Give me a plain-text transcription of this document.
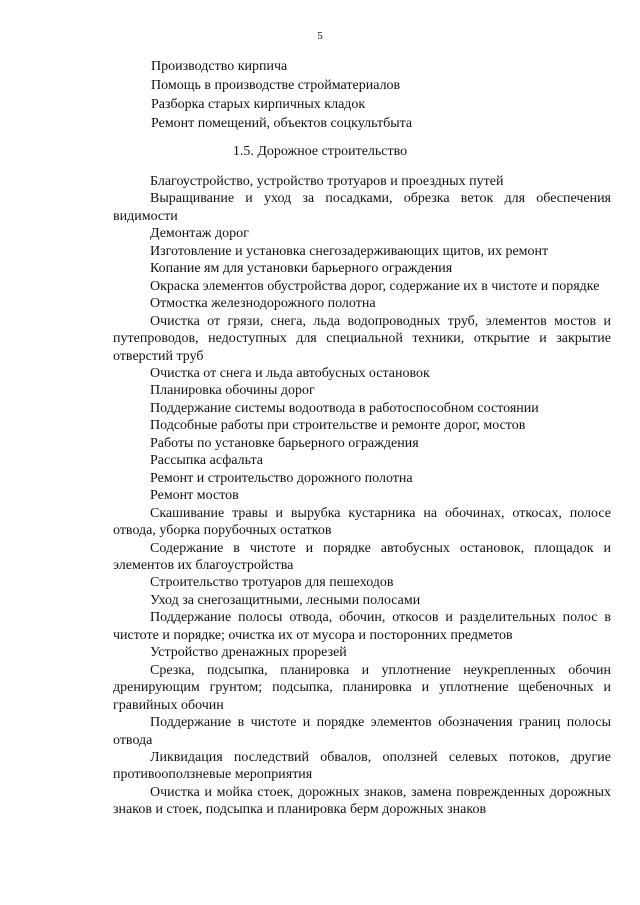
5
Производство кирпича
Помощь в производстве стройматериалов
Разборка старых кирпичных кладок
Ремонт помещений, объектов соцкультбыта
1.5. Дорожное строительство

Благоустройство, устройство тротуаров и проездных путей

Выращивание и уход за посадками, обрезка веток для обеспечения видимости

Демонтаж дорог

Изготовление и установка снегозадерживающих щитов, их ремонт

Копание ям для установки барьерного ограждения

Окраска элементов обустройства дорог, содержание их в чистоте и порядке

Отмостка железнодорожного полотна

Очистка от грязи, снега, льда водопроводных труб, элементов мостов и путепроводов, недоступных для специальной техники, открытие и закрытие отверстий труб

Очистка от снега и льда автобусных остановок

Планировка обочины дорог

Поддержание системы водоотвода в работоспособном состоянии

Подсобные работы при строительстве и ремонте дорог, мостов

Работы по установке барьерного ограждения

Рассыпка асфальта

Ремонт и строительство дорожного полотна

Ремонт мостов

Скашивание травы и вырубка кустарника на обочинах, откосах, полосе отвода, уборка порубочных остатков

Содержание в чистоте и порядке автобусных остановок, площадок и элементов их благоустройства

Строительство тротуаров для пешеходов

Уход за снегозащитными, лесными полосами

Поддержание полосы отвода, обочин, откосов и разделительных полос в чистоте и порядке; очистка их от мусора и посторонних предметов

Устройство дренажных прорезей

Срезка, подсыпка, планировка и уплотнение неукрепленных обочин дренирующим грунтом; подсыпка, планировка и уплотнение щебеночных и гравийных обочин

Поддержание в чистоте и порядке элементов обозначения границ полосы отвода

Ликвидация последствий обвалов, оползней селевых потоков, другие противооползневые мероприятия

Очистка и мойка стоек, дорожных знаков, замена поврежденных дорожных знаков и стоек, подсыпка и планировка берм дорожных знаков
